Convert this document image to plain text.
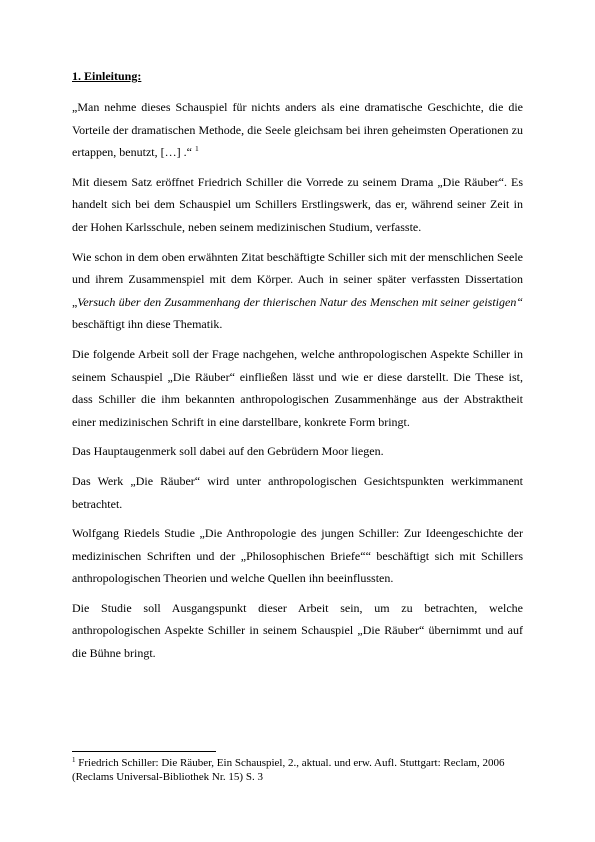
1. Einleitung:

„Man nehme dieses Schauspiel für nichts anders als eine dramatische Geschichte, die die Vorteile der dramatischen Methode, die Seele gleichsam bei ihren geheimsten Operationen zu ertappen, benutzt, […] .“ $^1$

Mit diesem Satz eröffnet Friedrich Schiller die Vorrede zu seinem Drama „Die Räuber“. Es handelt sich bei dem Schauspiel um Schillers Erstlingswerk, das er, während seiner Zeit in der Hohen Karlsschule, neben seinem medizinischen Studium, verfasste.

Wie schon in dem oben erwähnten Zitat beschäftigte Schiller sich mit der menschlichen Seele und ihrem Zusammenspiel mit dem Körper. Auch in seiner später verfassten Dissertation „Versuch über den Zusammenhang der thierischen Natur des Menschen mit seiner geistigen“ beschäftigt ihn diese Thematik.

Die folgende Arbeit soll der Frage nachgehen, welche anthropologischen Aspekte Schiller in seinem Schauspiel „Die Räuber“ einfließen lässt und wie er diese darstellt. Die These ist, dass Schiller die ihm bekannten anthropologischen Zusammenhänge aus der Abstraktheit einer medizinischen Schrift in eine darstellbare, konkrete Form bringt.

Das Hauptaugenmerk soll dabei auf den Gebrüdern Moor liegen.

Das Werk „Die Räuber“ wird unter anthropologischen Gesichtspunkten werkimmanent betrachtet.

Wolfgang Riedels Studie „Die Anthropologie des jungen Schiller: Zur Ideengeschichte der medizinischen Schriften und der „Philosophischen Briefe““ beschäftigt sich mit Schillers anthropologischen Theorien und welche Quellen ihn beeinflussten.

Die Studie soll Ausgangspunkt dieser Arbeit sein, um zu betrachten, welche anthropologischen Aspekte Schiller in seinem Schauspiel „Die Räuber“ übernimmt und auf die Bühne bringt.

$^1$ Friedrich Schiller: Die Räuber, Ein Schauspiel, 2., aktual. und erw. Aufl. Stuttgart: Reclam, 2006 (Reclams Universal-Bibliothek Nr. 15) S. 3
